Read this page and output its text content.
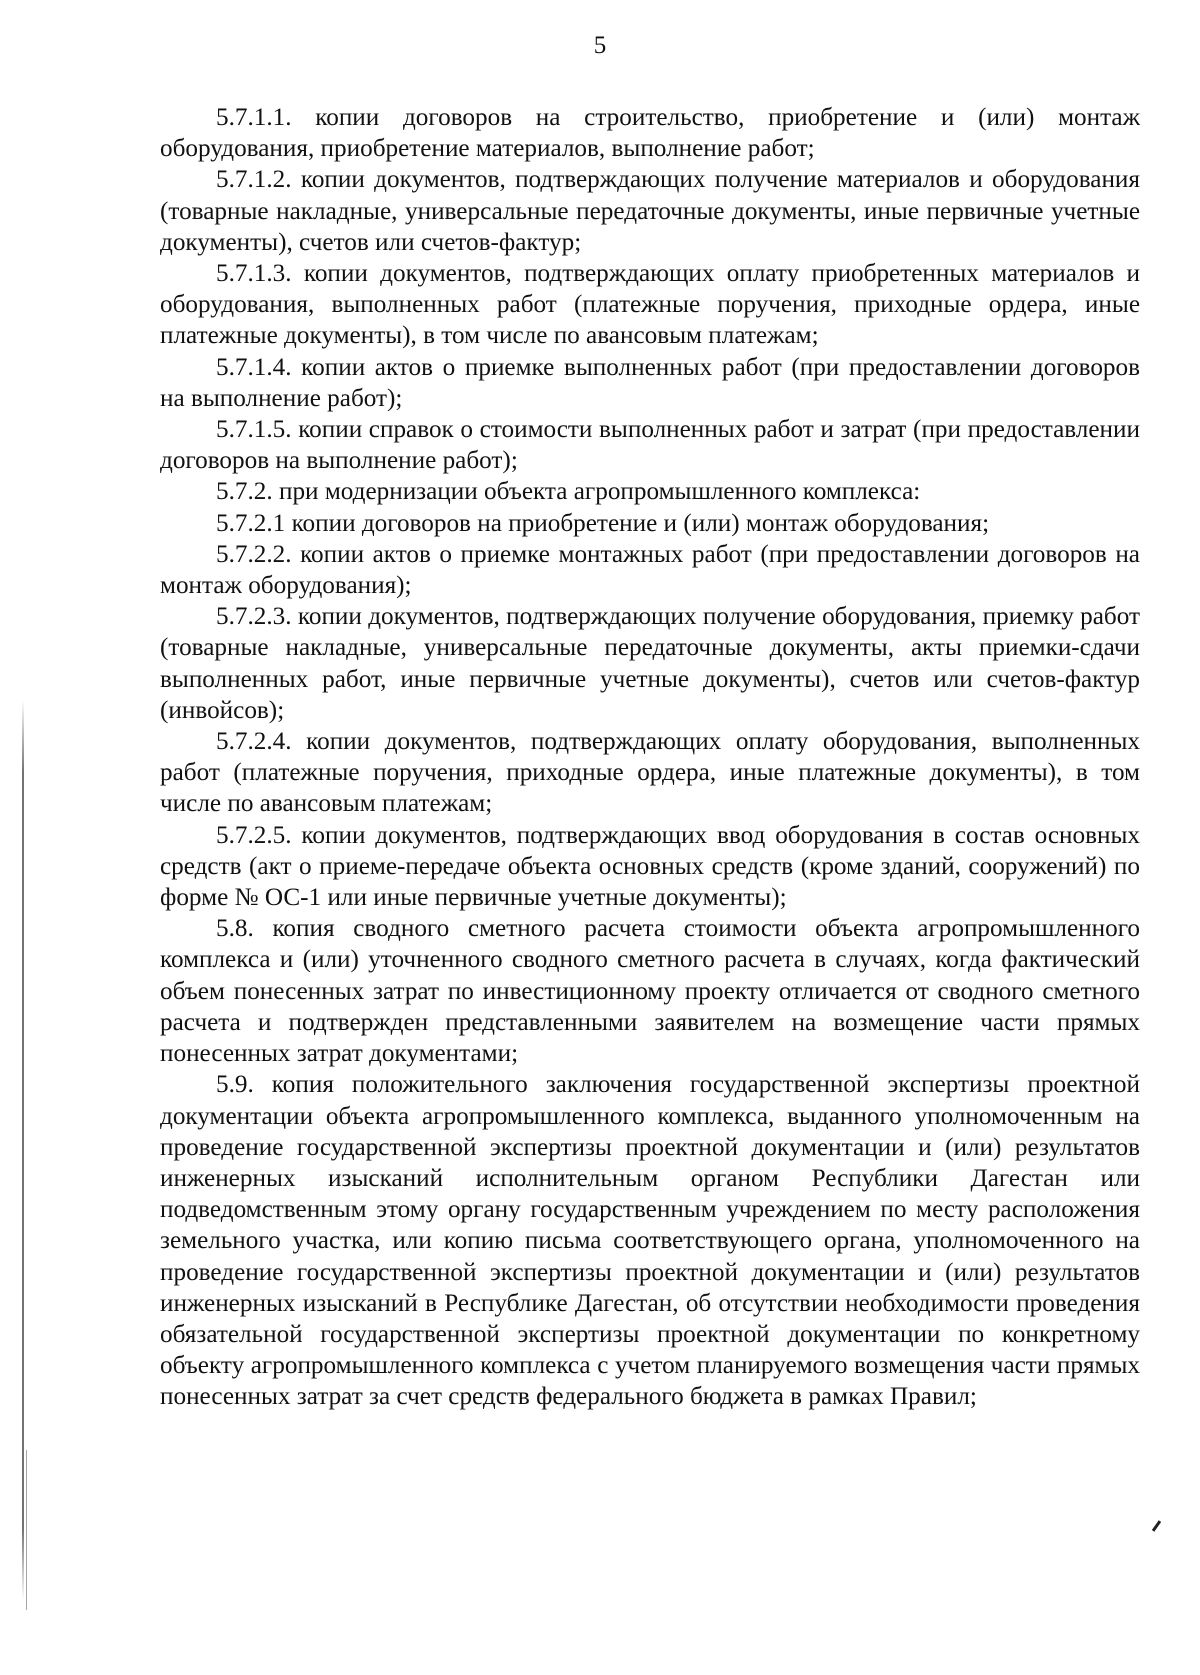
5

5.7.1.1. копии договоров на строительство, приобретение и (или) монтаж оборудования, приобретение материалов, выполнение работ;

5.7.1.2. копии документов, подтверждающих получение материалов и оборудования (товарные накладные, универсальные передаточные документы, иные первичные учетные документы), счетов или счетов-фактур;

5.7.1.3. копии документов, подтверждающих оплату приобретенных материалов и оборудования, выполненных работ (платежные поручения, приходные ордера, иные платежные документы), в том числе по авансовым платежам;

5.7.1.4. копии актов о приемке выполненных работ (при предоставлении договоров на выполнение работ);

5.7.1.5. копии справок о стоимости выполненных работ и затрат (при предоставлении договоров на выполнение работ);

5.7.2. при модернизации объекта агропромышленного комплекса:

5.7.2.1 копии договоров на приобретение и (или) монтаж оборудования;

5.7.2.2. копии актов о приемке монтажных работ (при предоставлении договоров на монтаж оборудования);

5.7.2.3. копии документов, подтверждающих получение оборудования, приемку работ (товарные накладные, универсальные передаточные документы, акты приемки-сдачи выполненных работ, иные первичные учетные документы), счетов или счетов-фактур (инвойсов);

5.7.2.4. копии документов, подтверждающих оплату оборудования, выполненных работ (платежные поручения, приходные ордера, иные платежные документы), в том числе по авансовым платежам;

5.7.2.5. копии документов, подтверждающих ввод оборудования в состав основных средств (акт о приеме-передаче объекта основных средств (кроме зданий, сооружений) по форме № ОС-1 или иные первичные учетные документы);

5.8. копия сводного сметного расчета стоимости объекта агропромышленного комплекса и (или) уточненного сводного сметного расчета в случаях, когда фактический объем понесенных затрат по инвестиционному проекту отличается от сводного сметного расчета и подтвержден представленными заявителем на возмещение части прямых понесенных затрат документами;

5.9. копия положительного заключения государственной экспертизы проектной документации объекта агропромышленного комплекса, выданного уполномоченным на проведение государственной экспертизы проектной документации и (или) результатов инженерных изысканий исполнительным органом Республики Дагестан или подведомственным этому органу государственным учреждением по месту расположения земельного участка, или копию письма соответствующего органа, уполномоченного на проведение государственной экспертизы проектной документации и (или) результатов инженерных изысканий в Республике Дагестан, об отсутствии необходимости проведения обязательной государственной экспертизы проектной документации по конкретному объекту агропромышленного комплекса с учетом планируемого возмещения части прямых понесенных затрат за счет средств федерального бюджета в рамках Правил;
